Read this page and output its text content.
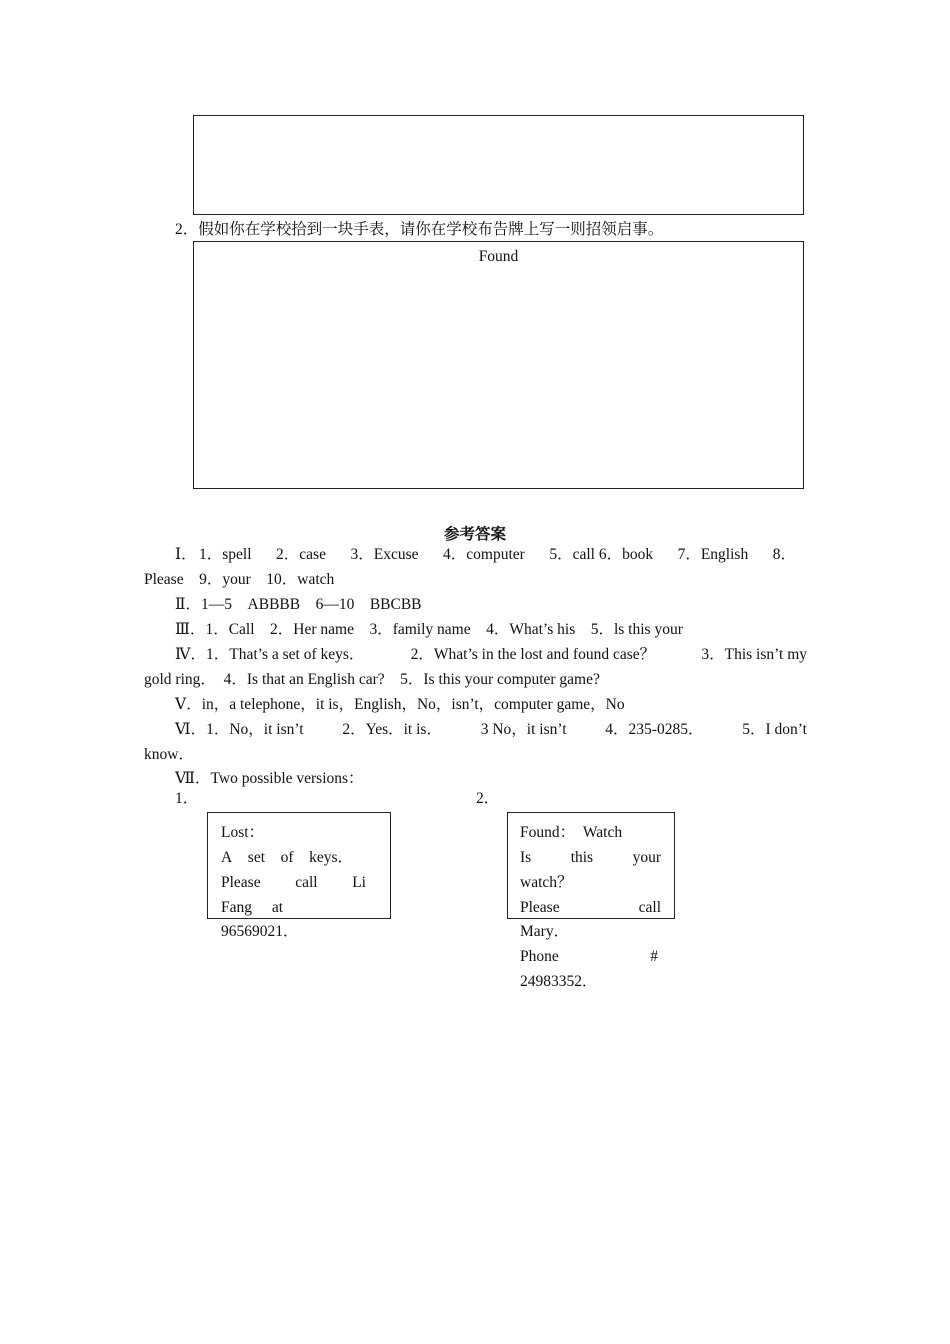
2．假如你在学校拾到一块手表，请你在学校布告牌上写一则招领启事。
Found
参考答案
Ⅰ． 1．spell 2．case 3．Excuse 4．computer 5．call 6．book 7．English 8．
Please 9．your 10．watch
Ⅱ．1—5　ABBBB　6—10　BBCBB
Ⅲ．1．Call　2．Her name　3．family name　4．What’s his　5．ls this your
Ⅳ．1．That’s a set of keys．	2．What’s in the lost and found case？	3．This isn’t my
gold ring．　4．Is that an English car?　5．Is this your computer game?
Ⅴ．in，a telephone，it is，English，No，isn’t，computer game，No
Ⅵ．1．No，it isn’t	2．Yes．it is．	3 No，it isn’t	4．235-0285．	5．I don’t
know．
Ⅶ．Two possible versions：
1．	2．
Lost：
A set of keys．
Please call Li
Fang at
96569021．
Found：　Watch
Is	this	your
watch？
Please	call
Mary．
Phone	#
24983352．
